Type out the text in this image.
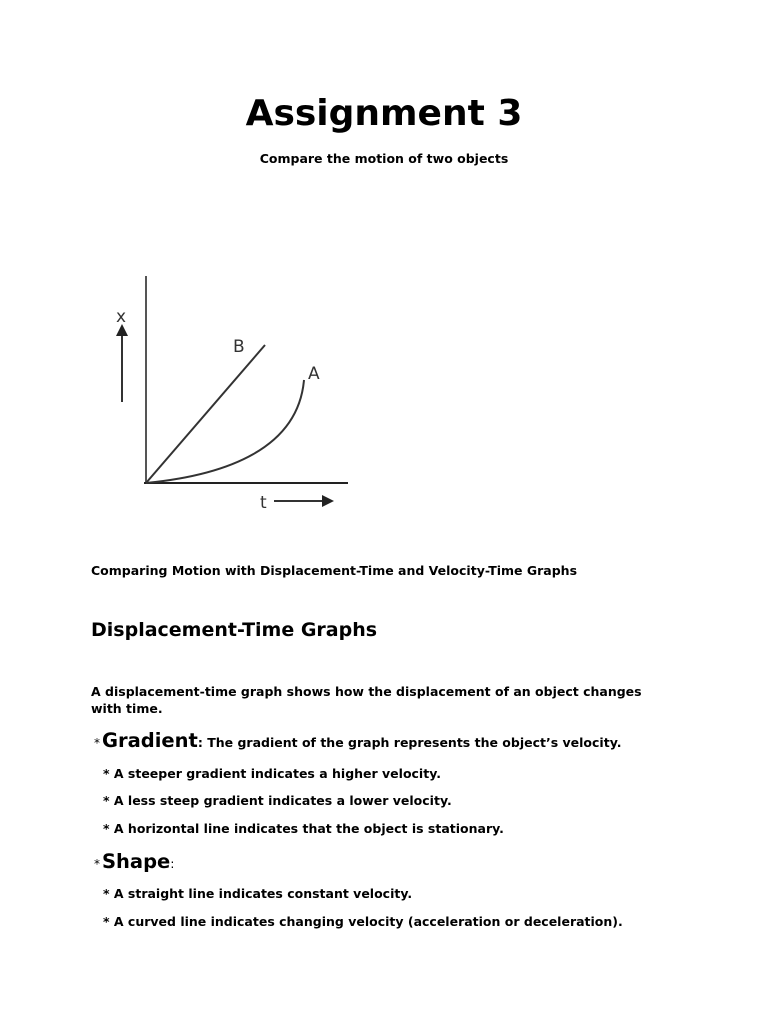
Assignment 3
Compare the motion of two objects
x
B
A
t
Comparing Motion with Displacement-Time and Velocity-Time Graphs
Displacement-Time Graphs
A displacement-time graph shows how the displacement of an object changes with time.
* Gradient: The gradient of the graph represents the object’s velocity.
* A steeper gradient indicates a higher velocity.
* A less steep gradient indicates a lower velocity.
* A horizontal line indicates that the object is stationary.
* Shape:
* A straight line indicates constant velocity.
* A curved line indicates changing velocity (acceleration or deceleration).
